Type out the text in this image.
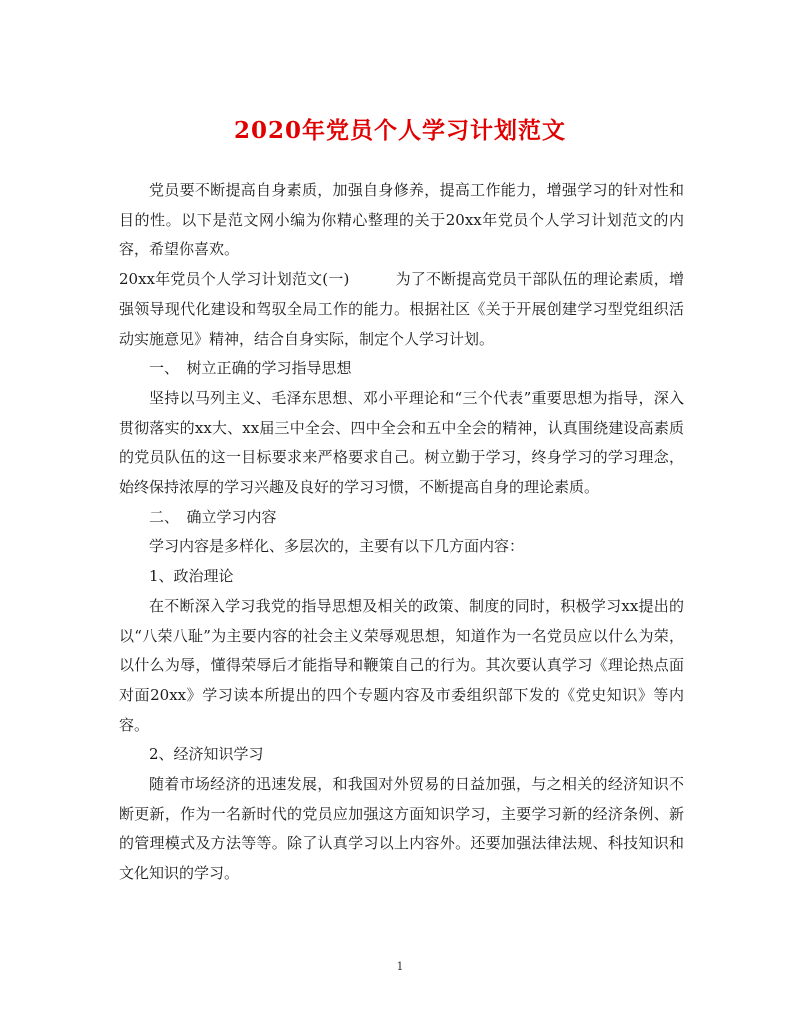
2020年党员个人学习计划范文

党员要不断提高自身素质，加强自身修养，提高工作能力，增强学习的针对性和目的性。以下是范文网小编为你精心整理的关于20xx年党员个人学习计划范文的内容，希望你喜欢。

20xx年党员个人学习计划范文(一)	为了不断提高党员干部队伍的理论素质，增强领导现代化建设和驾驭全局工作的能力。根据社区《关于开展创建学习型党组织活动实施意见》精神，结合自身实际，制定个人学习计划。

一、　树立正确的学习指导思想

坚持以马列主义、毛泽东思想、邓小平理论和“三个代表”重要思想为指导，深入贯彻落实的xx大、xx届三中全会、四中全会和五中全会的精神，认真围绕建设高素质的党员队伍的这一目标要求来严格要求自己。树立勤于学习，终身学习的学习理念，始终保持浓厚的学习兴趣及良好的学习习惯，不断提高自身的理论素质。

二、　确立学习内容

学习内容是多样化、多层次的，主要有以下几方面内容：

1、政治理论

在不断深入学习我党的指导思想及相关的政策、制度的同时，积极学习xx提出的以“八荣八耻”为主要内容的社会主义荣辱观思想，知道作为一名党员应以什么为荣，以什么为辱，懂得荣辱后才能指导和鞭策自己的行为。其次要认真学习《理论热点面对面20xx》学习读本所提出的四个专题内容及市委组织部下发的《党史知识》等内容。

2、经济知识学习

随着市场经济的迅速发展，和我国对外贸易的日益加强，与之相关的经济知识不断更新，作为一名新时代的党员应加强这方面知识学习，主要学习新的经济条例、新的管理模式及方法等等。除了认真学习以上内容外。还要加强法律法规、科技知识和文化知识的学习。

1
